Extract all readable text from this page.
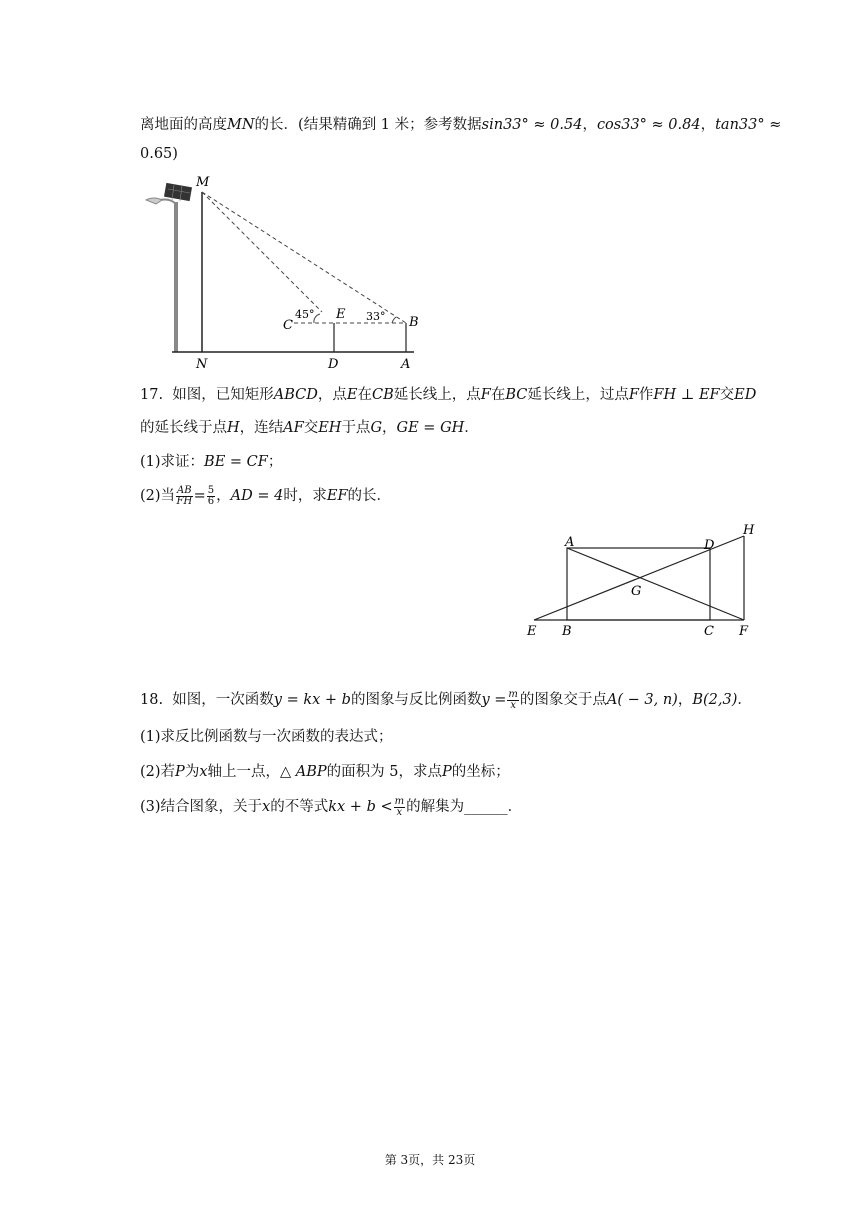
离地面的高度MN的长．(结果精确到 1 米；参考数据sin33° ≈ 0.54，cos33° ≈ 0.84，tan33° ≈
0.65)
M
N
C
E
B
D	A
45°	33°
17. 如图，已知矩形ABCD，点E在CB延长线上，点F在BC延长线上，过点F作FH ⊥ EF交ED
的延长线于点H，连结AF交EH于点G，GE = GH．
(1)求证：BE = CF；
(2)当 $\frac{AB}{FH} = \frac{5}{6}$ ，AD = 4时，求EF的长．
A	D
H
G
E B	C F
18. 如图，一次函数y = kx + b的图象与反比例函数$y = \frac{m}{x}$ 的图象交于点A( − 3, n)，B(2,3)．
(1)求反比例函数与一次函数的表达式；
(2)若P为x轴上一点，△ ABP的面积为 5，求点P的坐标；
(3)结合图象，关于x的不等式kx + $b < \frac{m}{x}$ 的解集为______．
第 3页，共 23页
